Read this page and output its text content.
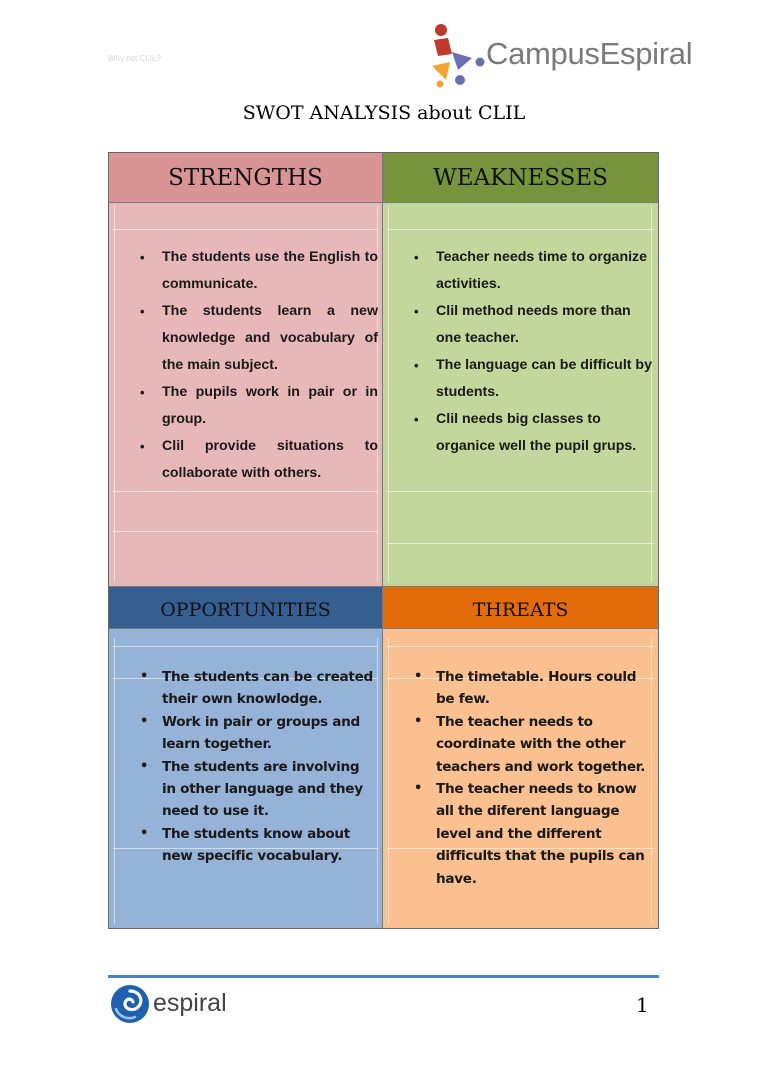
Why not CLIL?	CampusEspiral
SWOT ANALYSIS about CLIL
STRENGTHS
• The students use the English to communicate.
• The students learn a new knowledge and vocabulary of the main subject.
• The pupils work in pair or in group.
• Clil provide situations to collaborate with others.
WEAKNESSES
• Teacher needs time to organize activities.
• Clil method needs more than one teacher.
• The language can be difficult by students.
• Clil needs big classes to organice well the pupil grups.
OPPORTUNITIES
• The students can be created their own knowlodge.
• Work in pair or groups and learn together.
• The students are involving in other language and they need to use it.
• The students know about new specific vocabulary.
THREATS
• The timetable. Hours could be few.
• The teacher needs to coordinate with the other teachers and work together.
• The teacher needs to know all the diferent language level and the different difficults that the pupils can have.
espiral	1
